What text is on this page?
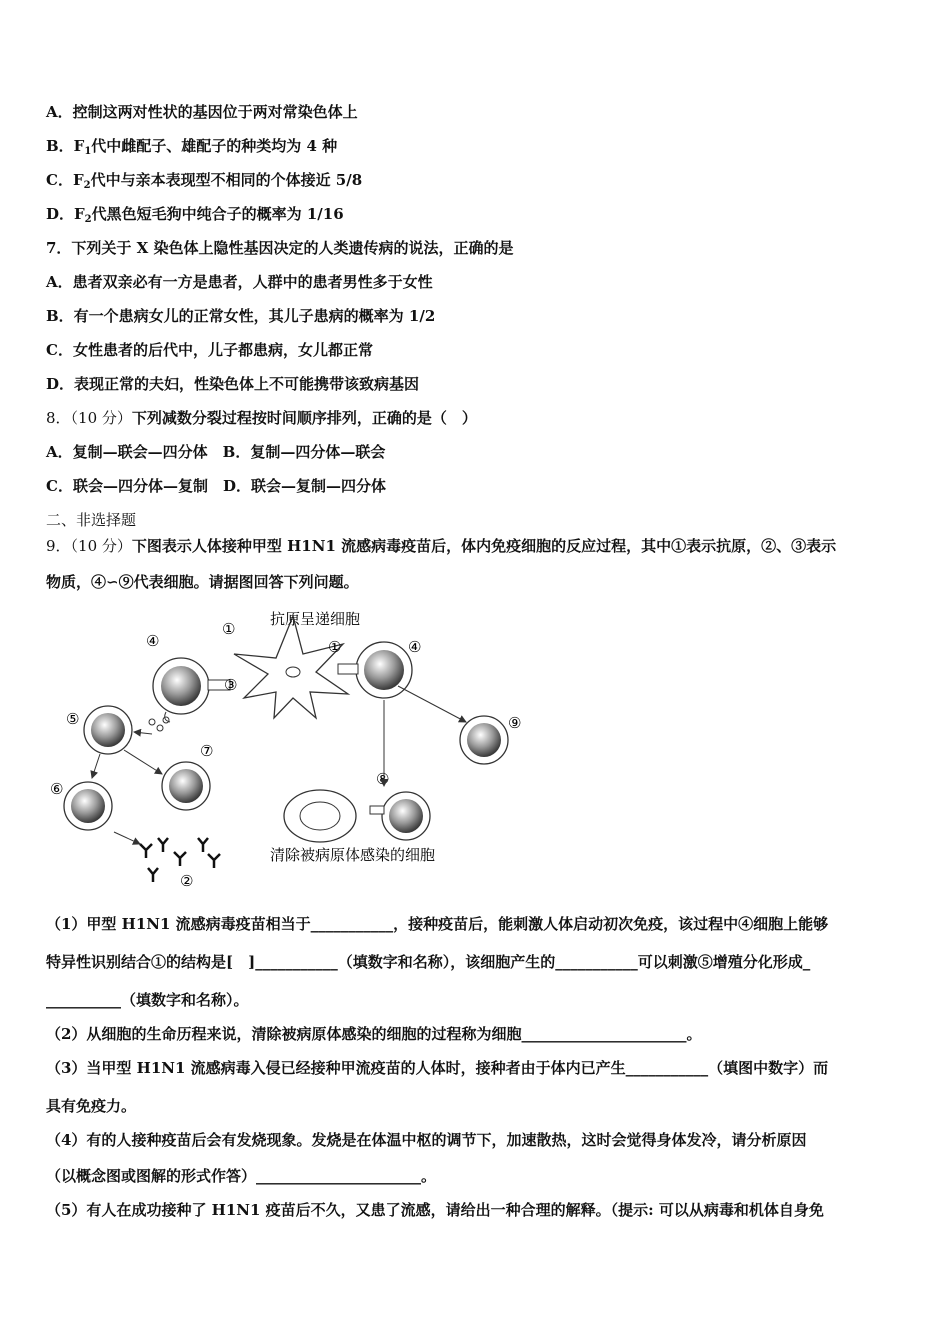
A．控制这两对性状的基因位于两对常染色体上
B．$F_1$代中雌配子、雄配子的种类均为 4 种
C．$F_2$代中与亲本表现型不相同的个体接近 5/8
D．$F_2$代黑色短毛狗中纯合子的概率为 1/16
7．下列关于 X 染色体上隐性基因决定的人类遗传病的说法，正确的是
A．患者双亲必有一方是患者，人群中的患者男性多于女性
B．有一个患病女儿的正常女性，其儿子患病的概率为 1/2
C．女性患者的后代中，儿子都患病，女儿都正常
D．表现正常的夫妇，性染色体上不可能携带该致病基因
8．（10 分）下列减数分裂过程按时间顺序排列，正确的是（　）
A．复制—联会—四分体　B．复制—四分体—联会
C．联会—四分体—复制　D．联会—复制—四分体
二、非选择题
9．（10 分）下图表示人体接种甲型 H1N1 流感病毒疫苗后，体内免疫细胞的反应过程，其中①表示抗原，②、③表示
物质，④∽⑨代表细胞。请据图回答下列问题。
抗原呈递细胞
④
①
③
①	④
⑤
⑥
⑦
②
⑨
⑧
清除被病原体感染的细胞
（1）甲型 H1N1 流感病毒疫苗相当于___________，接种疫苗后，能刺激人体启动初次免疫，该过程中④细胞上能够
特异性识别结合①的结构是[　]___________（填数字和名称），该细胞产生的___________可以刺激⑤增殖分化形成_
__________（填数字和名称）。
（2）从细胞的生命历程来说，清除被病原体感染的细胞的过程称为细胞______________________。
（3）当甲型 H1N1 流感病毒入侵已经接种甲流疫苗的人体时，接种者由于体内已产生___________（填图中数字）而
具有免疫力。
（4）有的人接种疫苗后会有发烧现象。发烧是在体温中枢的调节下，加速散热，这时会觉得身体发冷，请分析原因
（以概念图或图解的形式作答）______________________。
（5）有人在成功接种了 H1N1 疫苗后不久，又患了流感，请给出一种合理的解释。（提示: 可以从病毒和机体自身免
